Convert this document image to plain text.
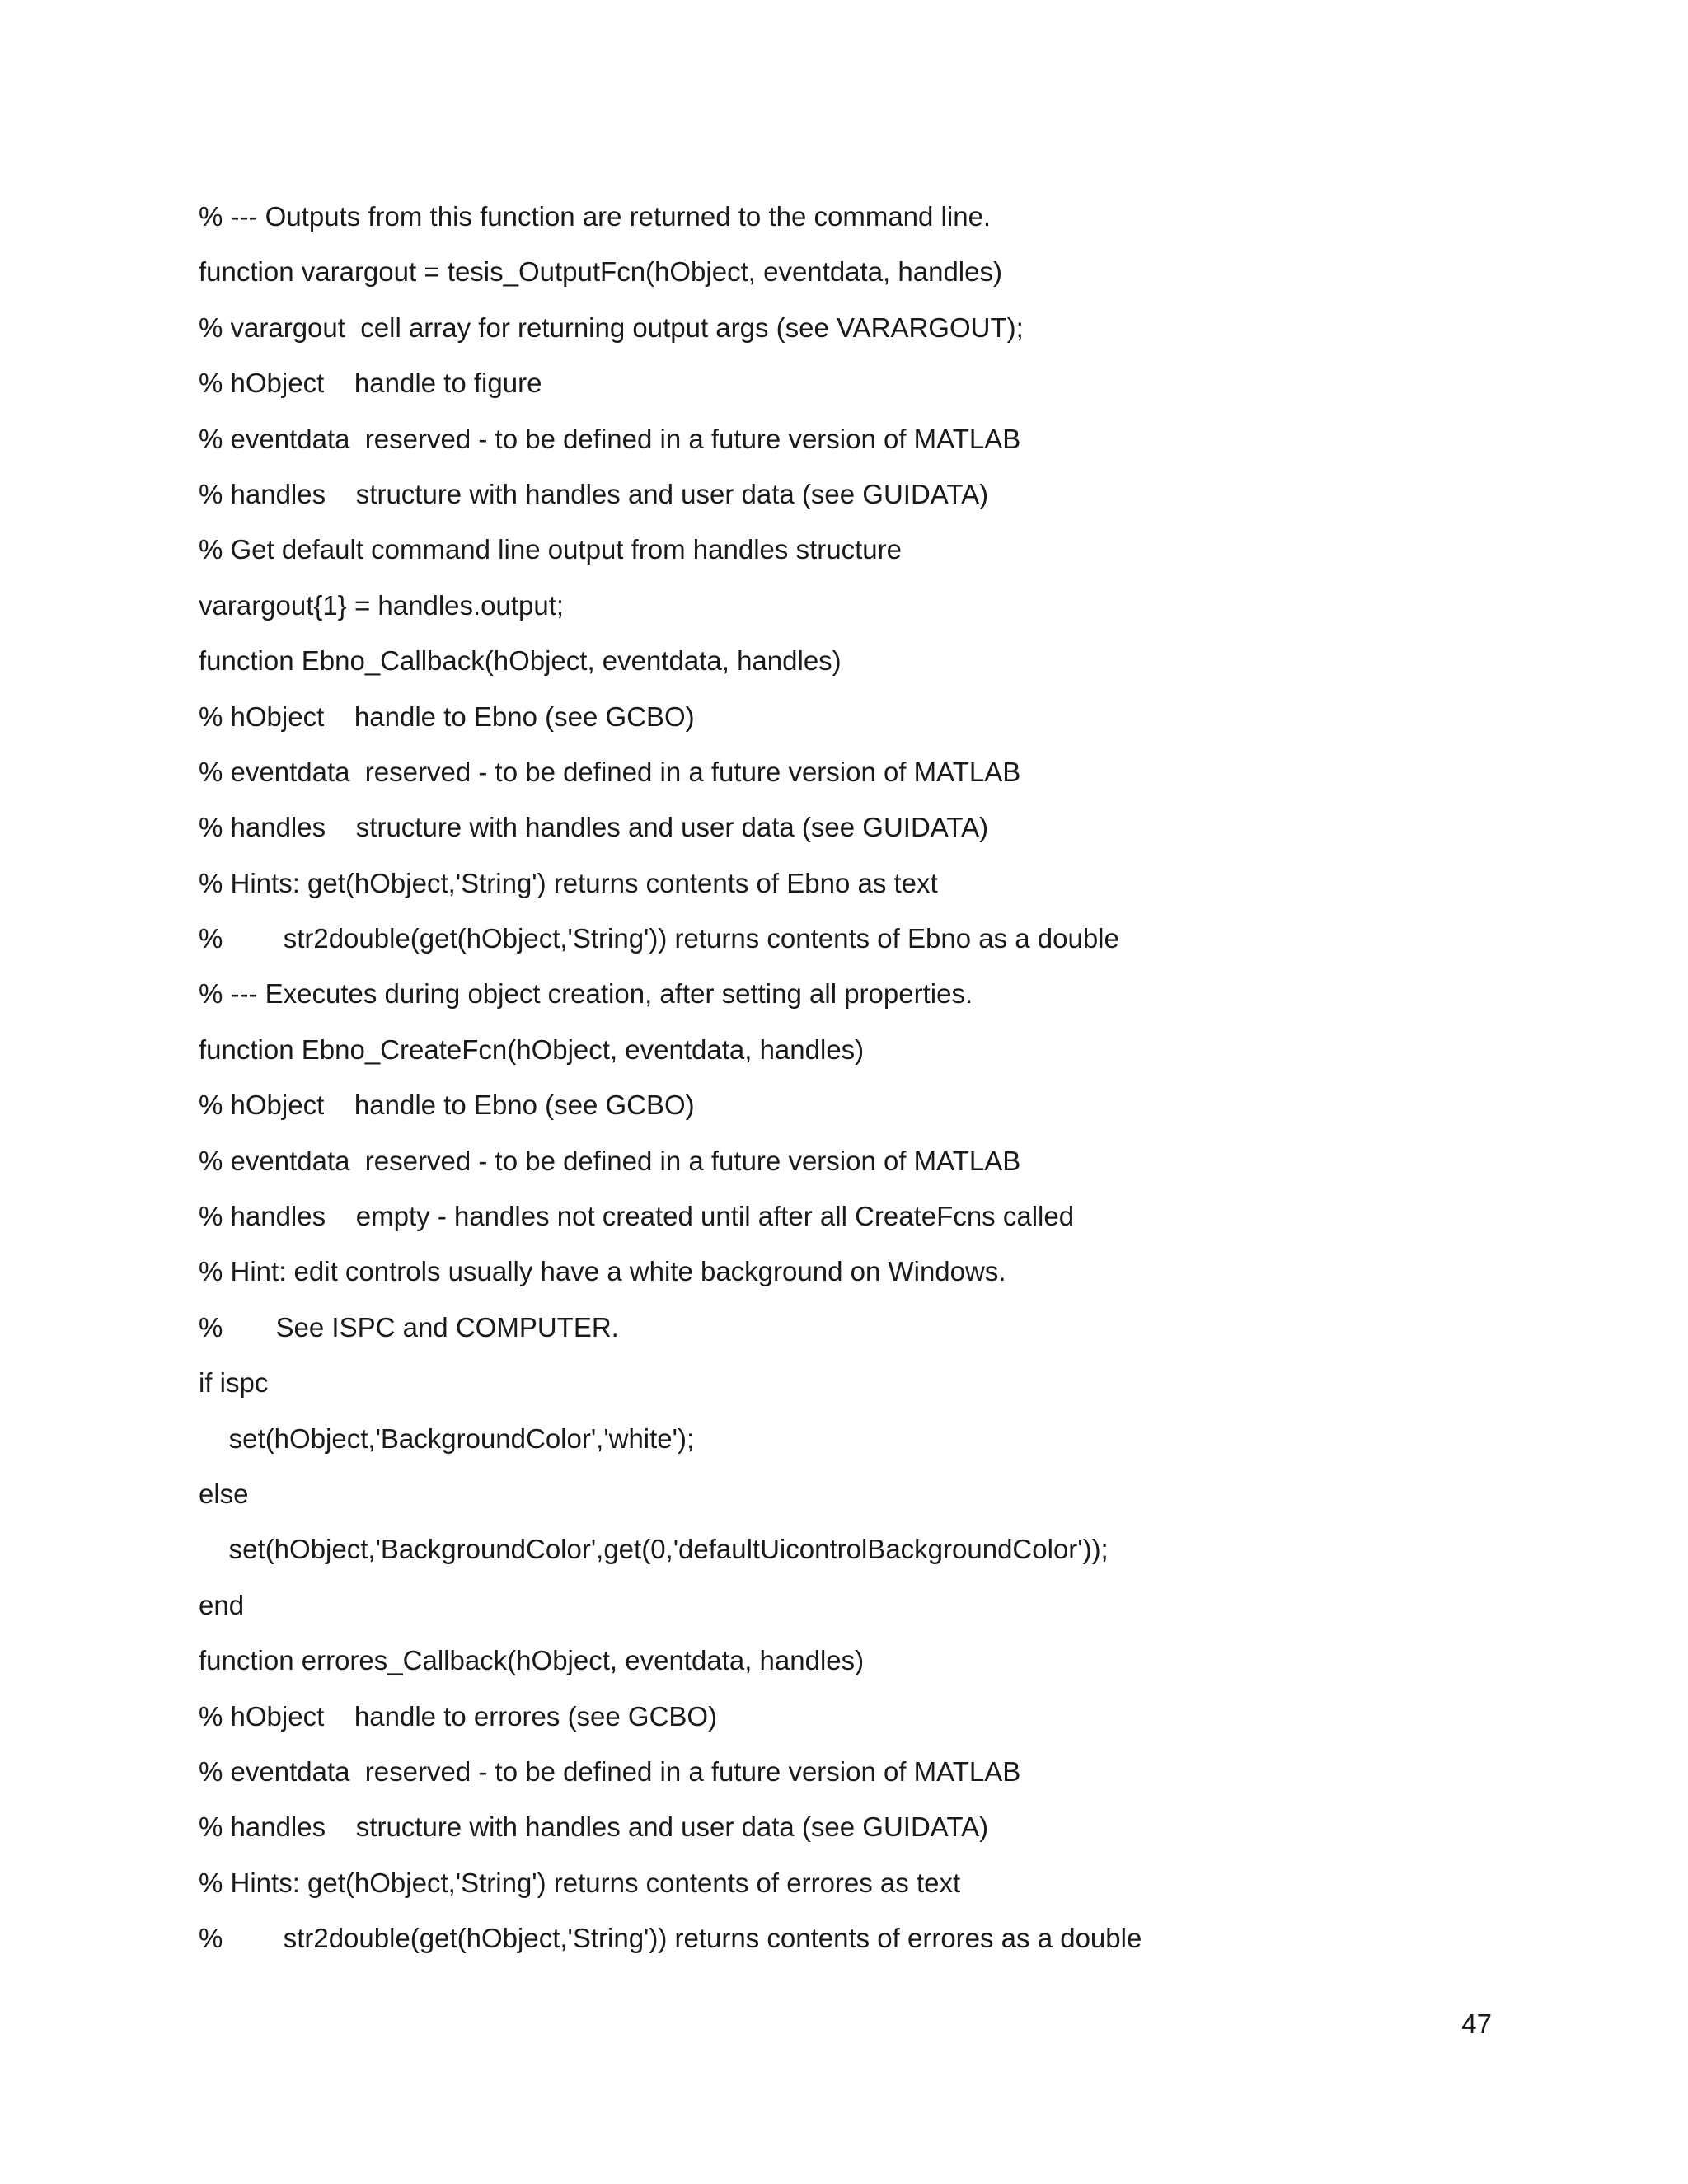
% --- Outputs from this function are returned to the command line.
function varargout = tesis_OutputFcn(hObject, eventdata, handles)
% varargout  cell array for returning output args (see VARARGOUT);
% hObject    handle to figure
% eventdata  reserved - to be defined in a future version of MATLAB
% handles    structure with handles and user data (see GUIDATA)
% Get default command line output from handles structure
varargout{1} = handles.output;
function Ebno_Callback(hObject, eventdata, handles)
% hObject    handle to Ebno (see GCBO)
% eventdata  reserved - to be defined in a future version of MATLAB
% handles    structure with handles and user data (see GUIDATA)
% Hints: get(hObject,'String') returns contents of Ebno as text
%        str2double(get(hObject,'String')) returns contents of Ebno as a double
% --- Executes during object creation, after setting all properties.
function Ebno_CreateFcn(hObject, eventdata, handles)
% hObject    handle to Ebno (see GCBO)
% eventdata  reserved - to be defined in a future version of MATLAB
% handles    empty - handles not created until after all CreateFcns called
% Hint: edit controls usually have a white background on Windows.
%       See ISPC and COMPUTER.
if ispc
set(hObject,'BackgroundColor','white');
else
set(hObject,'BackgroundColor',get(0,'defaultUicontrolBackgroundColor'));
end
function errores_Callback(hObject, eventdata, handles)
% hObject    handle to errores (see GCBO)
% eventdata  reserved - to be defined in a future version of MATLAB
% handles    structure with handles and user data (see GUIDATA)
% Hints: get(hObject,'String') returns contents of errores as text
%        str2double(get(hObject,'String')) returns contents of errores as a double
47
